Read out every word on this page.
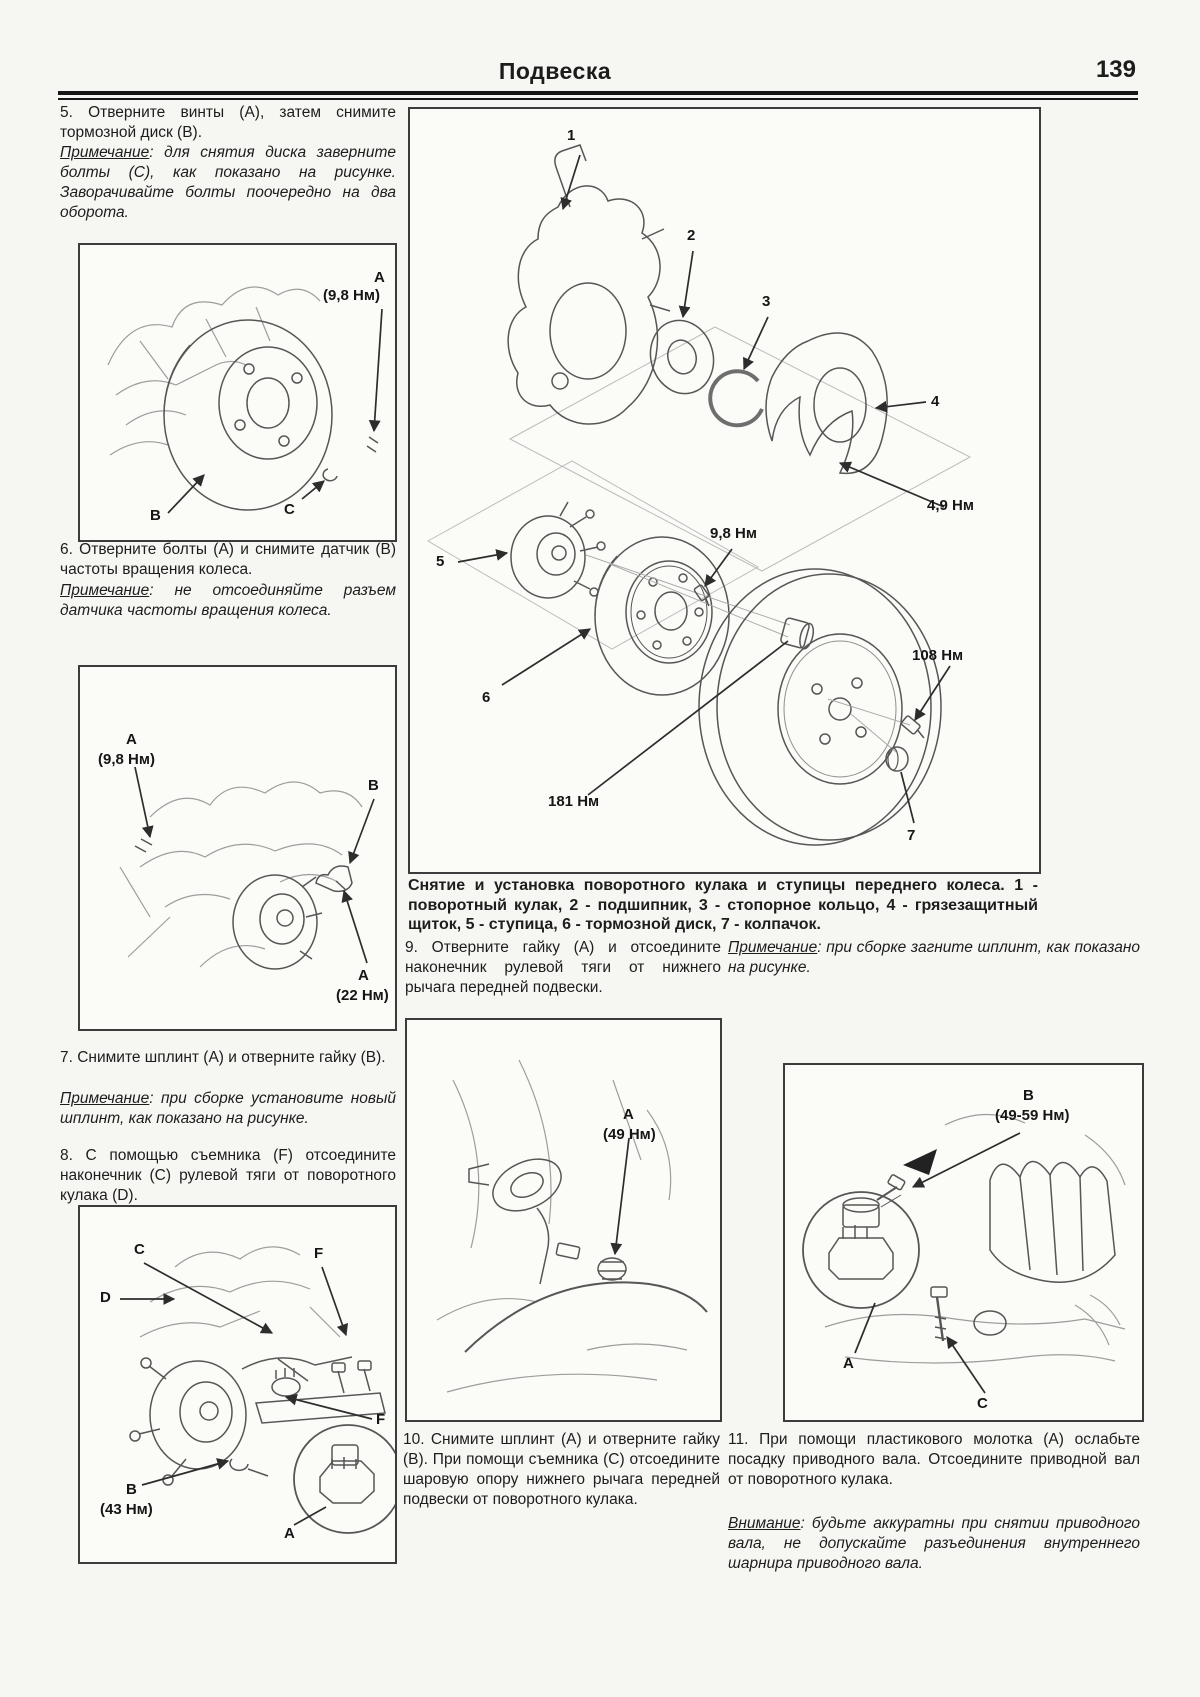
Подвеска	139

5. Отверните винты (А), затем снимите тормозной диск (В).

Примечание: для снятия диска заверните болты (С), как показано на рисунке. Заворачивайте болты поочередно на два оборота.

A
(9,8 Нм)
B	C

6. Отверните болты (А) и снимите датчик (В) частоты вращения колеса.

Примечание: не отсоединяйте разъем датчика частоты вращения колеса.

A
(9,8 Нм)
B
A
(22 Нм)

7. Снимите шплинт (А) и отверните гайку (В).

Примечание: при сборке установите новый шплинт, как показано на рисунке.

8. С помощью съемника (F) отсоедините наконечник (С) рулевой тяги от поворотного кулака (D).

C	F
D
F
B
(43 Нм)
A
1
2
3
4
4,9 Нм
9,8 Нм
5
6
108 Нм
181 Нм
7

Снятие и установка поворотного кулака и ступицы переднего колеса. 1 - поворотный кулак, 2 - подшипник, 3 - стопорное кольцо, 4 - грязезащитный щиток, 5 - ступица, 6 - тормозной диск, 7 - колпачок.

9. Отверните гайку (А) и отсоедините наконечник рулевой тяги от нижнего рычага передней подвески.

A
(49 Нм)

10. Снимите шплинт (А) и отверните гайку (В). При помощи съемника (С) отсоедините шаровую опору нижнего рычага передней подвески от поворотного кулака.

Примечание: при сборке загните шплинт, как показано на рисунке.

B
(49-59 Нм)
A
C

11. При помощи пластикового молотка (А) ослабьте посадку приводного вала. Отсоедините приводной вал от поворотного кулака.

Внимание: будьте аккуратны при снятии приводного вала, не допускайте разъединения внутреннего шарнира приводного вала.
